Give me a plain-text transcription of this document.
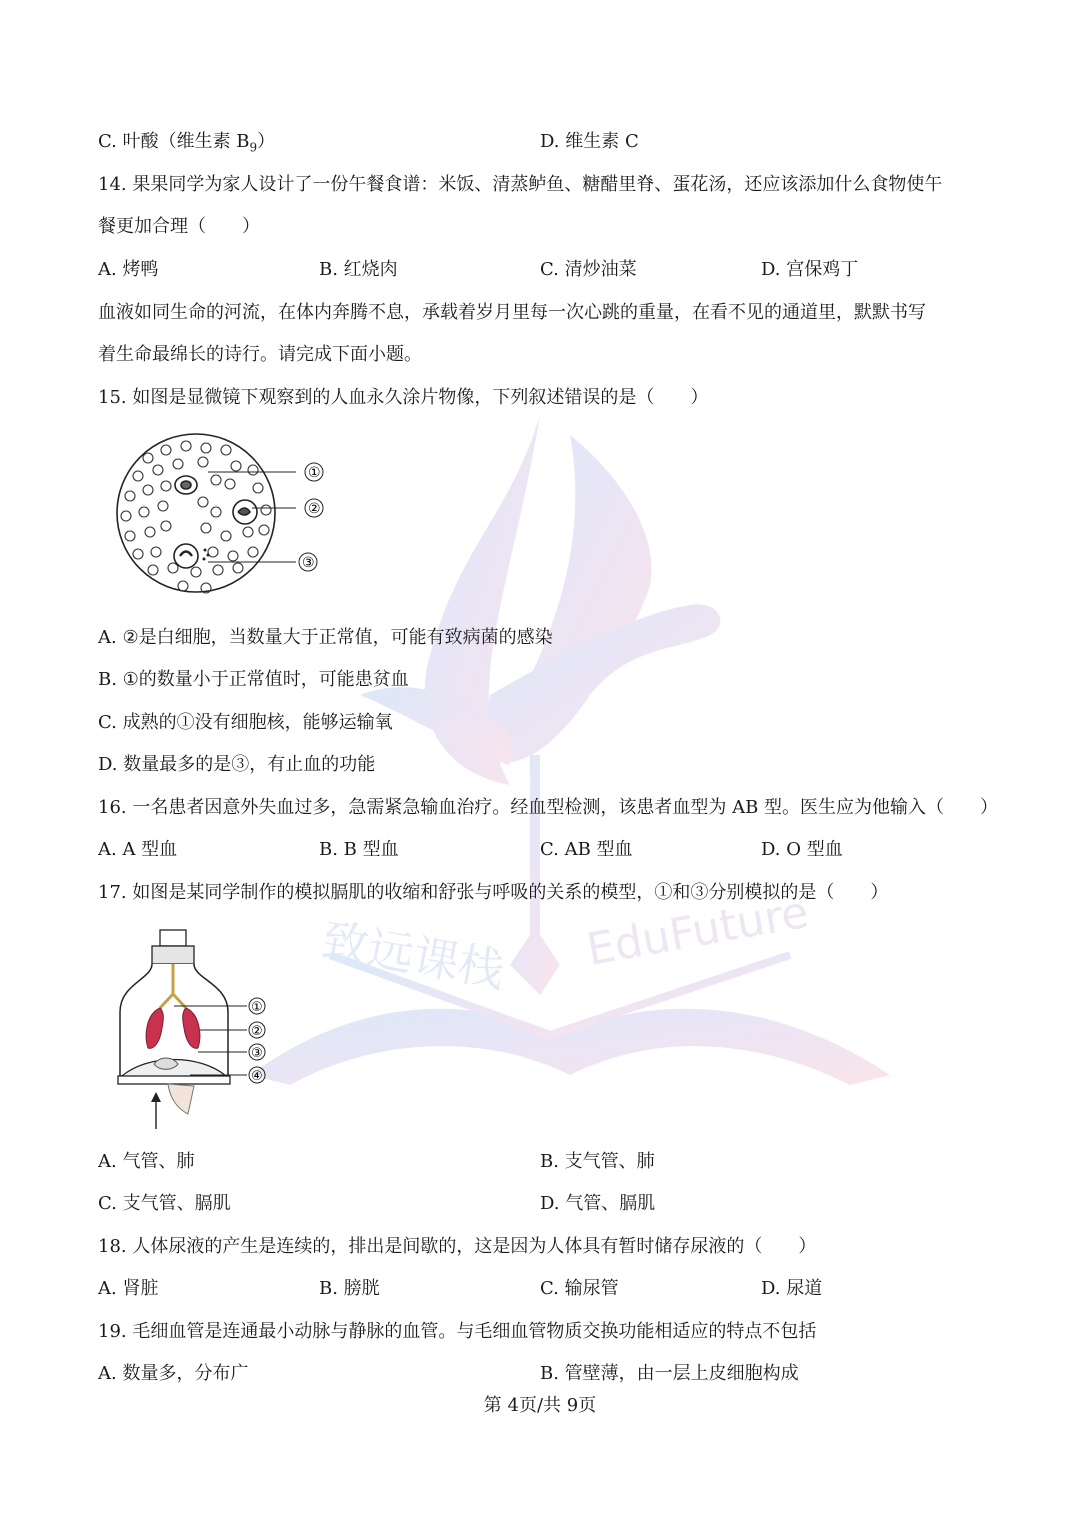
致远课栈 EduFuture
C. 叶酸（维生素 $B_9$）	D. 维生素 C
14. 果果同学为家人设计了一份午餐食谱：米饭、清蒸鲈鱼、糖醋里脊、蛋花汤，还应该添加什么食物使午
餐更加合理（　　）
A. 烤鸭	B. 红烧肉	C. 清炒油菜	D. 宫保鸡丁
血液如同生命的河流，在体内奔腾不息，承载着岁月里每一次心跳的重量，在看不见的通道里，默默书写
着生命最绵长的诗行。请完成下面小题。
15. 如图是显微镜下观察到的人血永久涂片物像，下列叙述错误的是（　　）
①
②
③
A. ②是白细胞，当数量大于正常值，可能有致病菌的感染
B. ①的数量小于正常值时，可能患贫血
C. 成熟的①没有细胞核，能够运输氧
D. 数量最多的是③，有止血的功能
16. 一名患者因意外失血过多，急需紧急输血治疗。经血型检测，该患者血型为 AB 型。医生应为他输入（　　）
A. A 型血	B. B 型血	C. AB 型血	D. O 型血
17. 如图是某同学制作的模拟膈肌的收缩和舒张与呼吸的关系的模型，①和③分别模拟的是（　　）
①
②
③
④
A. 气管、肺	B. 支气管、肺
C. 支气管、膈肌	D. 气管、膈肌
18. 人体尿液的产生是连续的，排出是间歇的，这是因为人体具有暂时储存尿液的（　　）
A. 肾脏	B. 膀胱	C. 输尿管	D. 尿道
19. 毛细血管是连通最小动脉与静脉的血管。与毛细血管物质交换功能相适应的特点不包括
A. 数量多，分布广	B. 管壁薄，由一层上皮细胞构成
第 4页/共 9页
